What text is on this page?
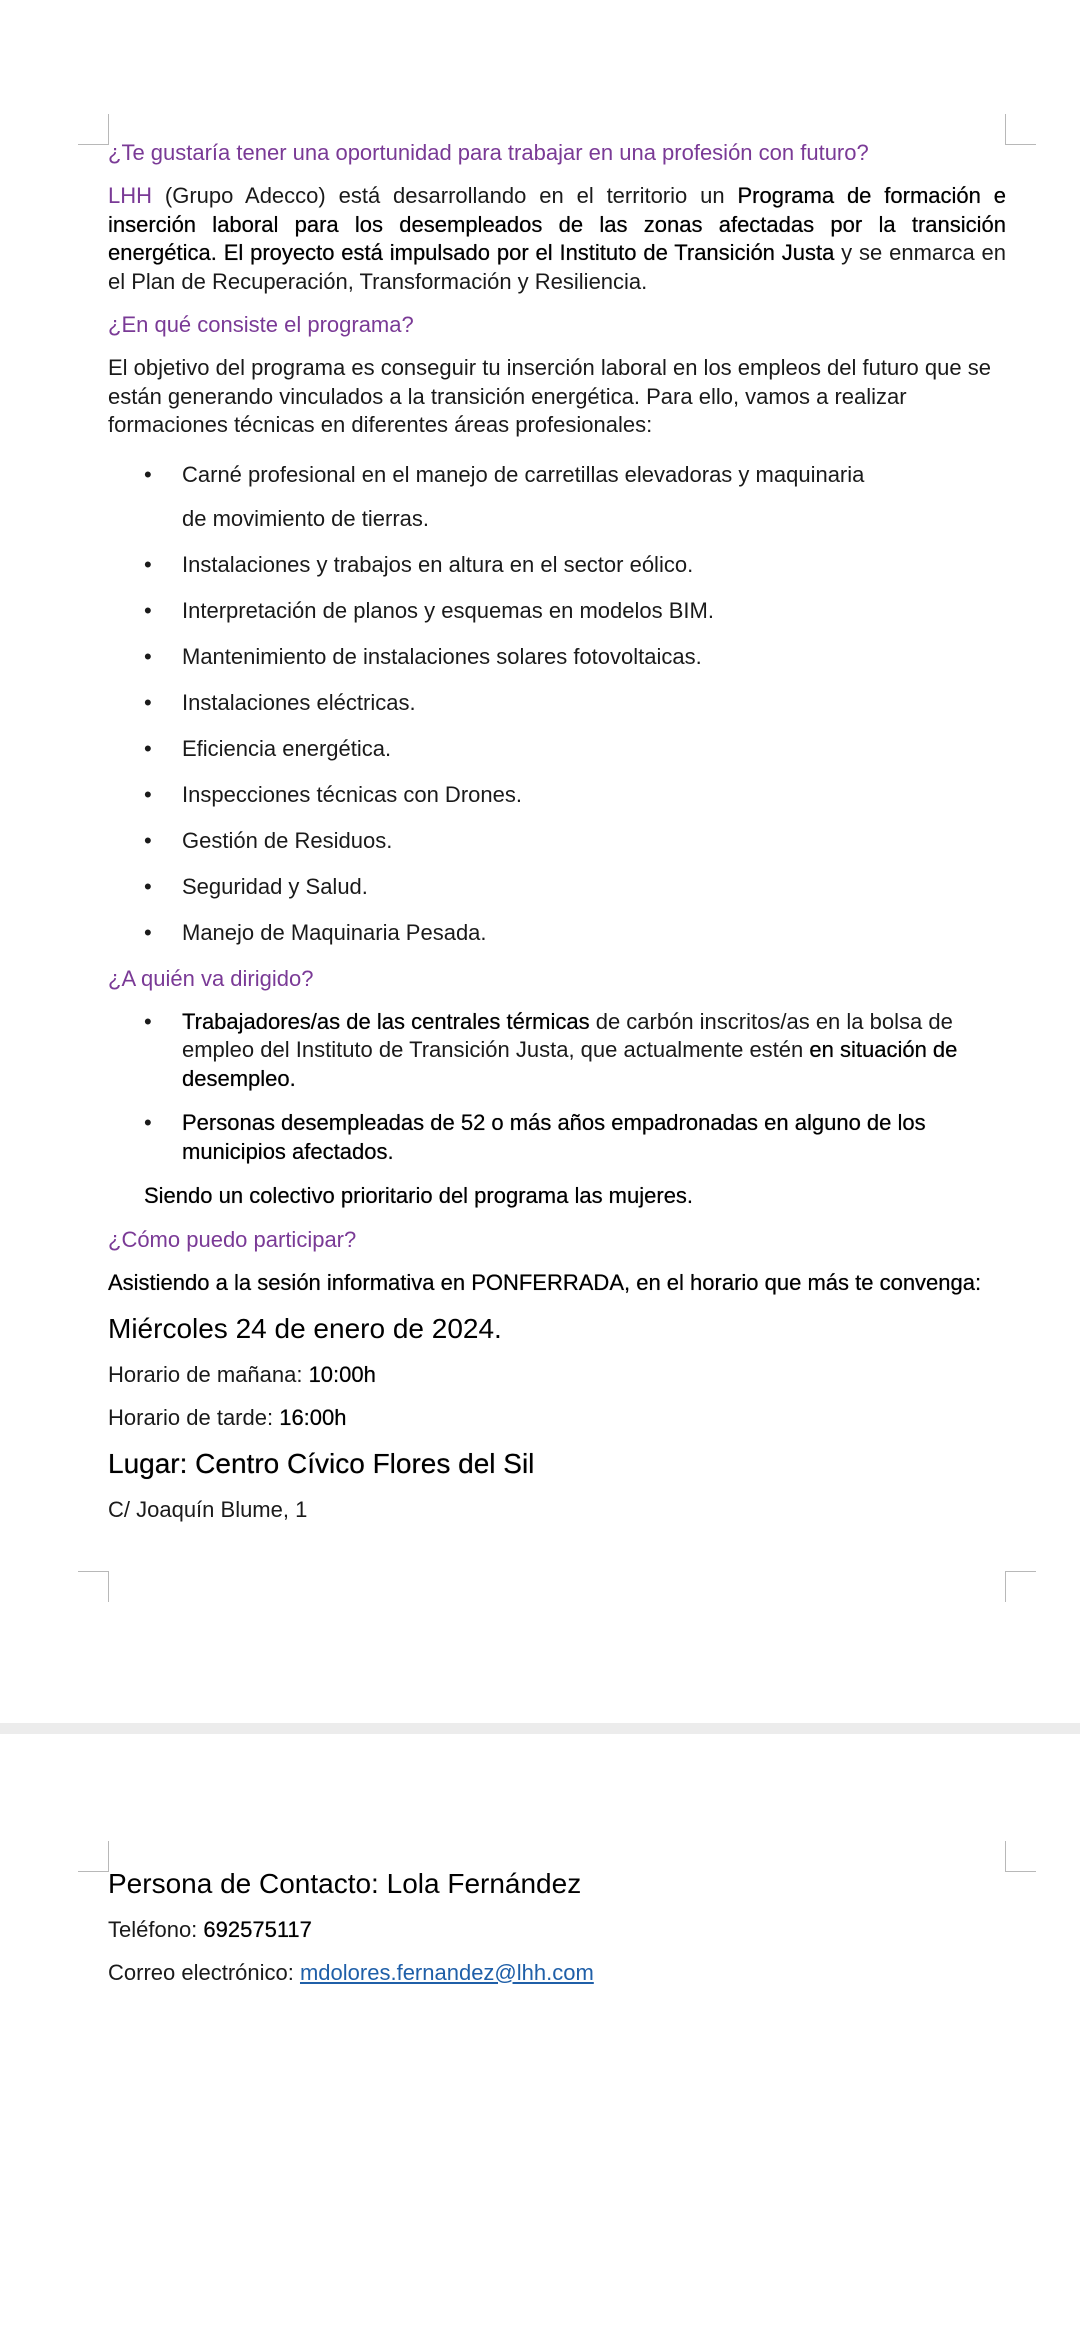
¿Te gustaría tener una oportunidad para trabajar en una profesión con futuro?

LHH (Grupo Adecco) está desarrollando en el territorio un Programa de formación e inserción laboral para los desempleados de las zonas afectadas por la transición energética. El proyecto está impulsado por el Instituto de Transición Justa y se enmarca en el Plan de Recuperación, Transformación y Resiliencia.

¿En qué consiste el programa?

El objetivo del programa es conseguir tu inserción laboral en los empleos del futuro que se están generando vinculados a la transición energética. Para ello, vamos a realizar formaciones técnicas en diferentes áreas profesionales:

• Carné profesional en el manejo de carretillas elevadoras y maquinaria
de movimiento de tierras.
• Instalaciones y trabajos en altura en el sector eólico.
• Interpretación de planos y esquemas en modelos BIM.
• Mantenimiento de instalaciones solares fotovoltaicas.
• Instalaciones eléctricas.
• Eficiencia energética.
• Inspecciones técnicas con Drones.
• Gestión de Residuos.
• Seguridad y Salud.
• Manejo de Maquinaria Pesada.
¿A quién va dirigido?
• Trabajadores/as de las centrales térmicas de carbón inscritos/as en la bolsa de empleo del Instituto de Transición Justa, que actualmente estén en situación de desempleo.
• Personas desempleadas de 52 o más años empadronadas en alguno de los municipios afectados.

Siendo un colectivo prioritario del programa las mujeres.

¿Cómo puedo participar?

Asistiendo a la sesión informativa en PONFERRADA, en el horario que más te convenga:

Miércoles 24 de enero de 2024.

Horario de mañana: 10:00h

Horario de tarde: 16:00h

Lugar: Centro Cívico Flores del Sil

C/ Joaquín Blume, 1

Persona de Contacto: Lola Fernández

Teléfono: 692575117

Correo electrónico: mdolores.fernandez@lhh.com
